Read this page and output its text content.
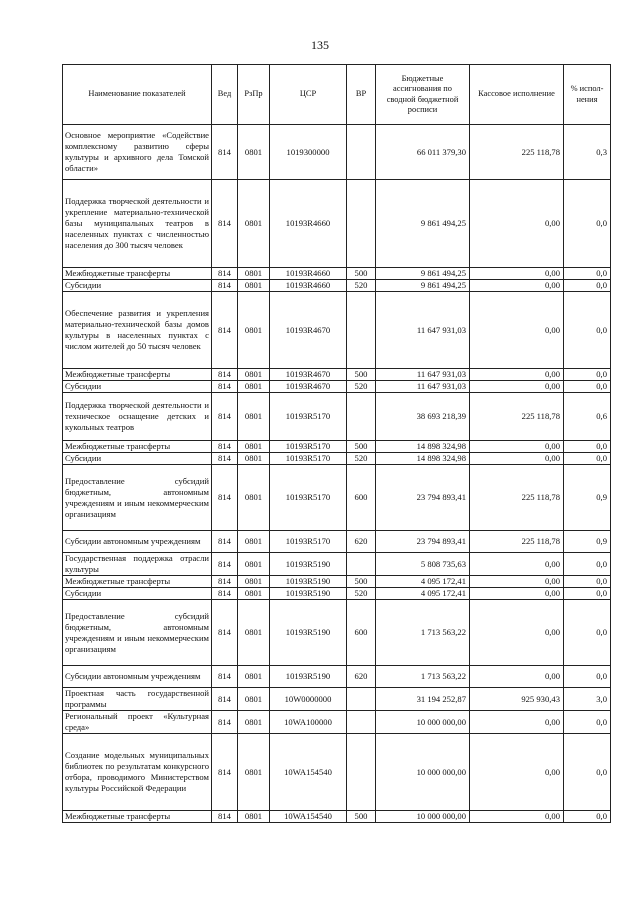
135
Наименование показателей	Вед	РзПр	ЦСР	ВР	Бюджетные ассигнования по сводной бюджетной росписи	Кассовое исполнение	% испол-нения
Основное мероприятие «Содействие комплексному развитию сферы культуры и архивного дела Томской области»	814	0801	1019300000		66 011 379,30	225 118,78	0,3
Поддержка творческой деятельности и укрепление материально-технической базы муниципальных театров в населенных пунктах с численностью населения до 300 тысяч человек	814	0801	10193R4660		9 861 494,25	0,00	0,0
Межбюджетные трансферты	814	0801	10193R4660	500	9 861 494,25	0,00	0,0
Субсидии	814	0801	10193R4660	520	9 861 494,25	0,00	0,0
Обеспечение развития и укрепления материально-технической базы домов культуры в населенных пунктах с числом жителей до 50 тысяч человек	814	0801	10193R4670		11 647 931,03	0,00	0,0
Межбюджетные трансферты	814	0801	10193R4670	500	11 647 931,03	0,00	0,0
Субсидии	814	0801	10193R4670	520	11 647 931,03	0,00	0,0
Поддержка творческой деятельности и техническое оснащение детских и кукольных театров	814	0801	10193R5170		38 693 218,39	225 118,78	0,6
Межбюджетные трансферты	814	0801	10193R5170	500	14 898 324,98	0,00	0,0
Субсидии	814	0801	10193R5170	520	14 898 324,98	0,00	0,0
Предоставление субсидий бюджетным, автономным учреждениям и иным некоммерческим организациям	814	0801	10193R5170	600	23 794 893,41	225 118,78	0,9
Субсидии автономным учреждениям	814	0801	10193R5170	620	23 794 893,41	225 118,78	0,9
Государственная поддержка отрасли культуры	814	0801	10193R5190		5 808 735,63	0,00	0,0
Межбюджетные трансферты	814	0801	10193R5190	500	4 095 172,41	0,00	0,0
Субсидии	814	0801	10193R5190	520	4 095 172,41	0,00	0,0
Предоставление субсидий бюджетным, автономным учреждениям и иным некоммерческим организациям	814	0801	10193R5190	600	1 713 563,22	0,00	0,0
Субсидии автономным учреждениям	814	0801	10193R5190	620	1 713 563,22	0,00	0,0
Проектная часть государственной программы	814	0801	10W0000000		31 194 252,87	925 930,43	3,0
Региональный проект «Культурная среда»	814	0801	10WA100000		10 000 000,00	0,00	0,0
Создание модельных муниципальных библиотек по результатам конкурсного отбора, проводимого Министерством культуры Российской Федерации	814	0801	10WA154540		10 000 000,00	0,00	0,0
Межбюджетные трансферты	814	0801	10WA154540	500	10 000 000,00	0,00	0,0
